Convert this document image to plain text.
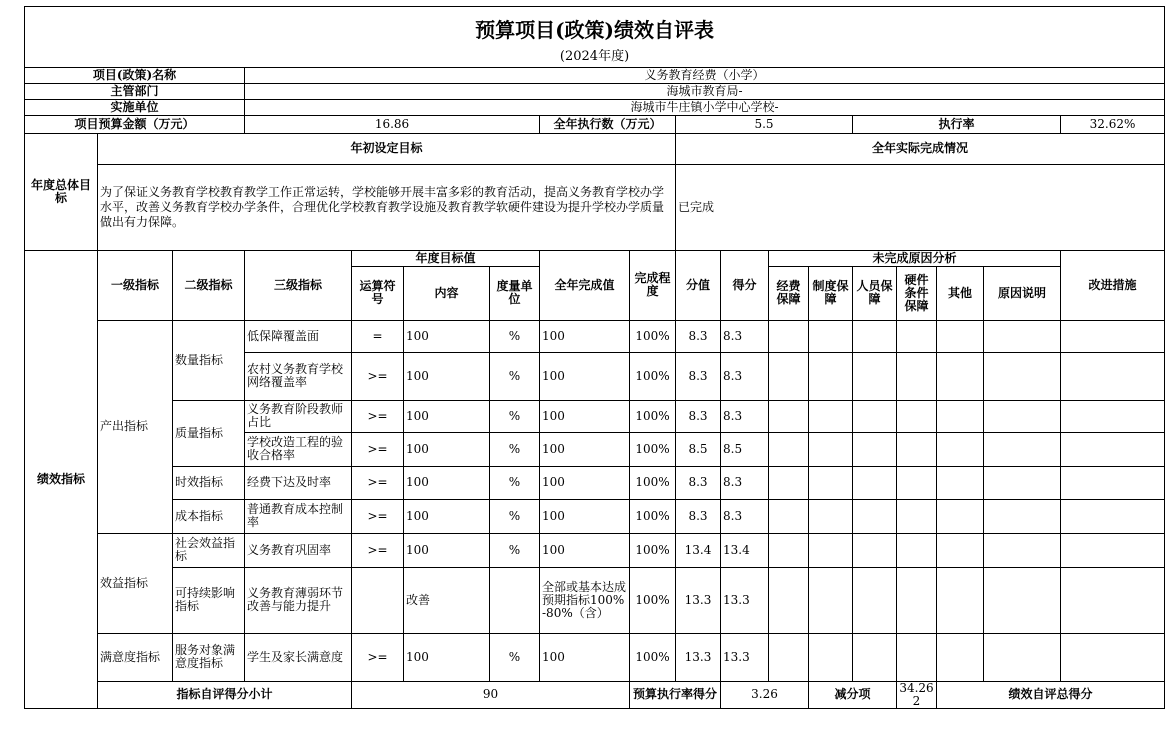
预算项目(政策)绩效自评表																		
(2024年度)																		
项目(政策)名称			义务教育经费（小学）															
主管部门			海城市教育局-															
实施单位			海城市牛庄镇小学中心学校-															
项目预算金额（万元）			16.86				全年执行数（万元）		5.5				执行率				32.62%	
年度总体目标	年初设定目标								全年实际完成情况									
	为了保证义务教育学校教育教学工作正常运转，学校能够开展丰富多彩的教育活动，提高义务教育学校办学水平，改善义务教育学校办学条件，合理优化学校教育教学设施及教育教学软硬件建设为提升学校办学质量做出有力保障。								已完成									
绩效指标	一级指标	二级指标	三级指标	年度目标值			全年完成值	完成程度	分值	得分	未完成原因分析						改进措施	
				运算符号	内容	度量单位					经费保障	制度保障	人员保障	硬件条件保障	其他	原因说明		
	产出指标	数量指标	低保障覆盖面	=	100	%	100	100%	8.3	8.3								
			农村义务教育学校网络覆盖率	>=	100	%	100	100%	8.3	8.3								
		质量指标	义务教育阶段教师占比	>=	100	%	100	100%	8.3	8.3								
			学校改造工程的验收合格率	>=	100	%	100	100%	8.5	8.5								
		时效指标	经费下达及时率	>=	100	%	100	100%	8.3	8.3								
		成本指标	普通教育成本控制率	>=	100	%	100	100%	8.3	8.3								
	效益指标	社会效益指标	义务教育巩固率	>=	100	%	100	100%	13.4	13.4								
		可持续影响指标	义务教育薄弱环节改善与能力提升		改善		全部或基本达成预期指标100%-80%（含）	100%	13.3	13.3								
	满意度指标	服务对象满意度指标	学生及家长满意度	>=	100	%	100	100%	13.3	13.3								
	指标自评得分小计			90				预算执行率得分		3.26		减分项		34.262	绩效自评总得分	
